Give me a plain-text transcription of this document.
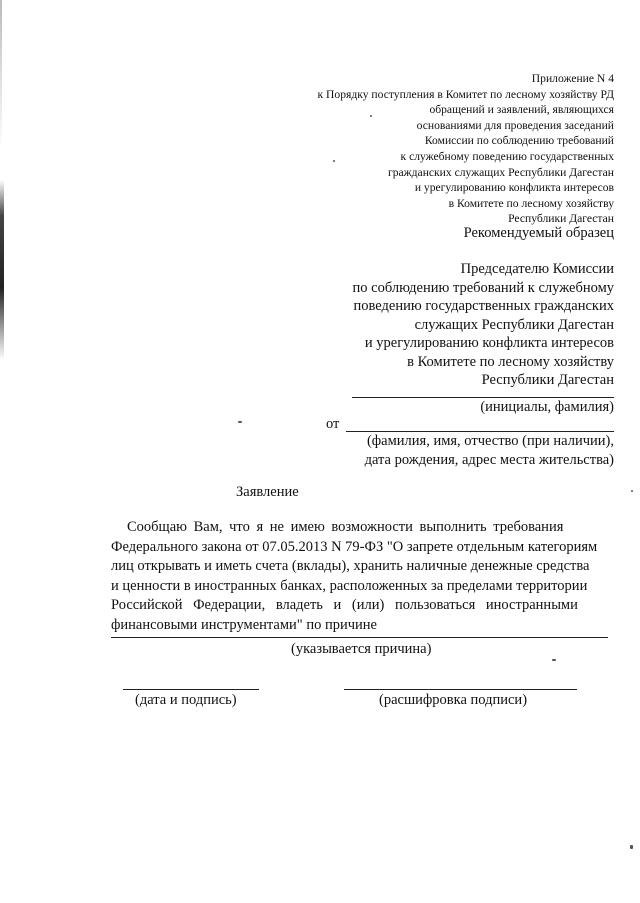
Приложение N 4
к Порядку поступления в Комитет по лесному хозяйству РД
обращений и заявлений, являющихся
основаниями для проведения заседаний
Комиссии по соблюдению требований
к служебному поведению государственных
гражданских служащих Республики Дагестан
и урегулированию конфликта интересов
в Комитете по лесному хозяйству
Республики Дагестан
Рекомендуемый образец
Председателю Комиссии
по соблюдению требований к служебному
поведению государственных гражданских
служащих Республики Дагестан
и урегулированию конфликта интересов
в Комитете по лесному хозяйству
Республики Дагестан
(инициалы, фамилия)
от
(фамилия, имя, отчество (при наличии),
дата рождения, адрес места жительства)
Заявление
Сообщаю Вам, что я не имею возможности выполнить требования
Федерального закона от 07.05.2013 N 79-ФЗ "О запрете отдельным категориям
лиц открывать и иметь счета (вклады), хранить наличные денежные средства
и ценности в иностранных банках, расположенных за пределами территории
Российской Федерации, владеть и (или) пользоваться иностранными
финансовыми инструментами" по причине
(указывается причина)
(дата и подпись)	(расшифровка подписи)
